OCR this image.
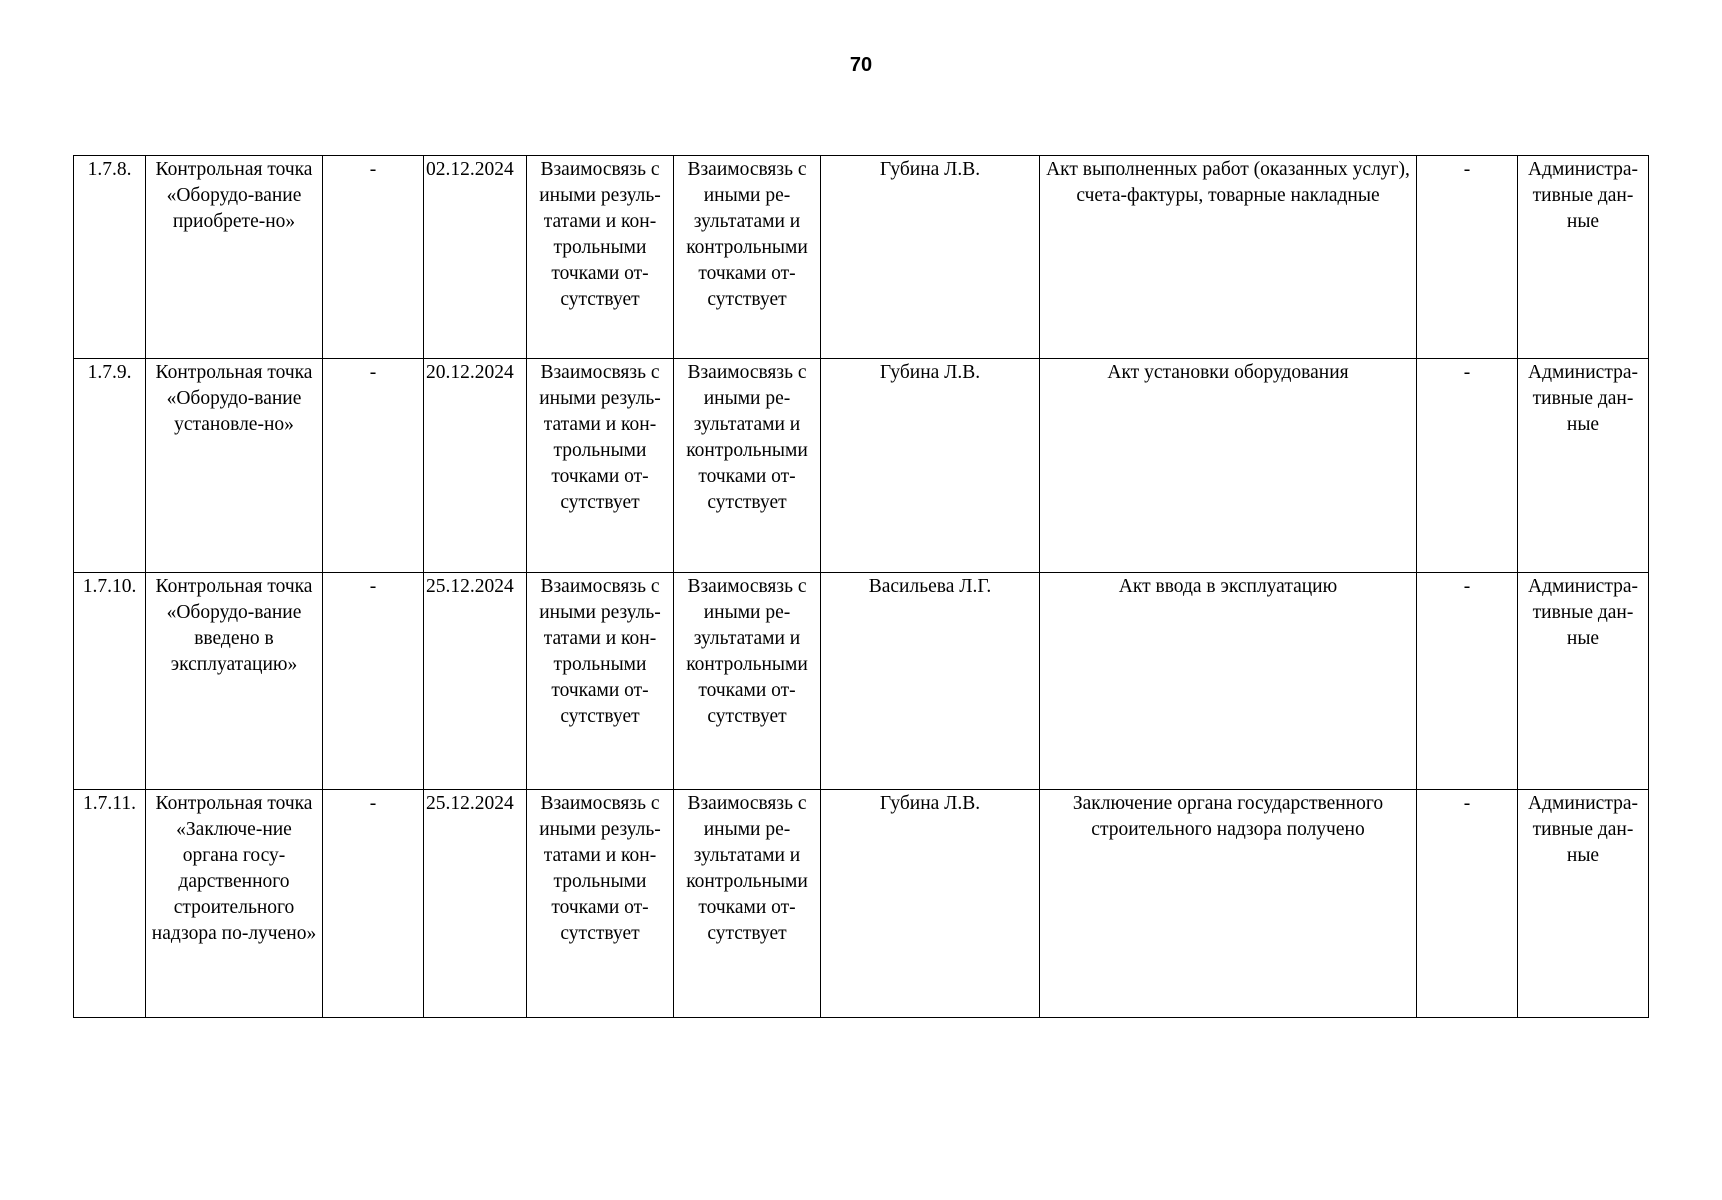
70
1.7.8.	Контрольная точка «Оборудо-вание приобрете-но»	-	02.12.2024	Взаимосвязь с иными резуль-татами и кон-трольными точками от-сутствует	Взаимосвязь с иными ре-зультатами и контрольными точками от-сутствует	Губина Л.В.	Акт выполненных работ (оказанных услуг), счета-фактуры, товарные накладные	-	Администра-тивные дан-ные
1.7.9.	Контрольная точка «Оборудо-вание установле-но»	-	20.12.2024	Взаимосвязь с иными резуль-татами и кон-трольными точками от-сутствует	Взаимосвязь с иными ре-зультатами и контрольными точками от-сутствует	Губина Л.В.	Акт установки оборудования	-	Администра-тивные дан-ные
1.7.10.	Контрольная точка «Оборудо-вание введено в эксплуатацию»	-	25.12.2024	Взаимосвязь с иными резуль-татами и кон-трольными точками от-сутствует	Взаимосвязь с иными ре-зультатами и контрольными точками от-сутствует	Васильева Л.Г.	Акт ввода в эксплуатацию	-	Администра-тивные дан-ные
1.7.11.	Контрольная точка «Заключе-ние органа госу-дарственного строительного надзора по-лучено»	-	25.12.2024	Взаимосвязь с иными резуль-татами и кон-трольными точками от-сутствует	Взаимосвязь с иными ре-зультатами и контрольными точками от-сутствует	Губина Л.В.	Заключение органа государственного строительного надзора получено	-	Администра-тивные дан-ные
